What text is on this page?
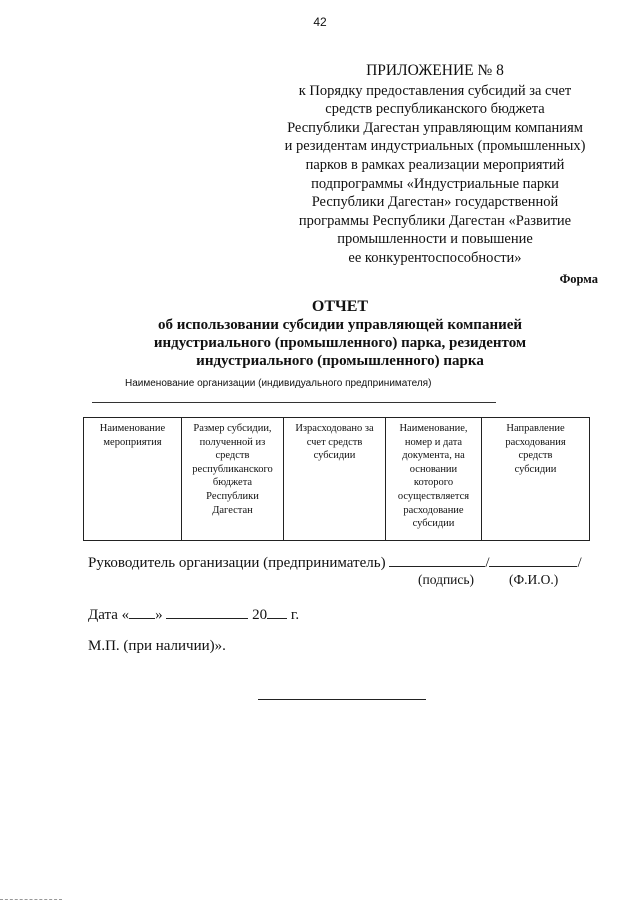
42
ПРИЛОЖЕНИЕ № 8
к Порядку предоставления субсидий за счет
средств республиканского бюджета
Республики Дагестан управляющим компаниям
и резидентам индустриальных (промышленных)
парков в рамках реализации мероприятий
подпрограммы «Индустриальные парки
Республики Дагестан» государственной
программы Республики Дагестан «Развитие
промышленности и повышение
ее конкурентоспособности»
Форма
ОТЧЕТ
об использовании субсидии управляющей компанией
индустриального (промышленного) парка, резидентом
индустриального (промышленного) парка
Наименование организации (индивидуального предпринимателя)
Наименование
мероприятия

Размер субсидии,
полученной из
средств
республиканского
бюджета
Республики
Дагестан

Израсходовано за
счет средств
субсидии

Наименование,
номер и дата
документа, на
основании
которого
осуществляется
расходование
субсидии

Направление
расходования
средств
субсидии
Руководитель организации (предприниматель)	/	/
(подпись)	(Ф.И.О.)
Дата « »	20 г.
М.П. (при наличии)».
